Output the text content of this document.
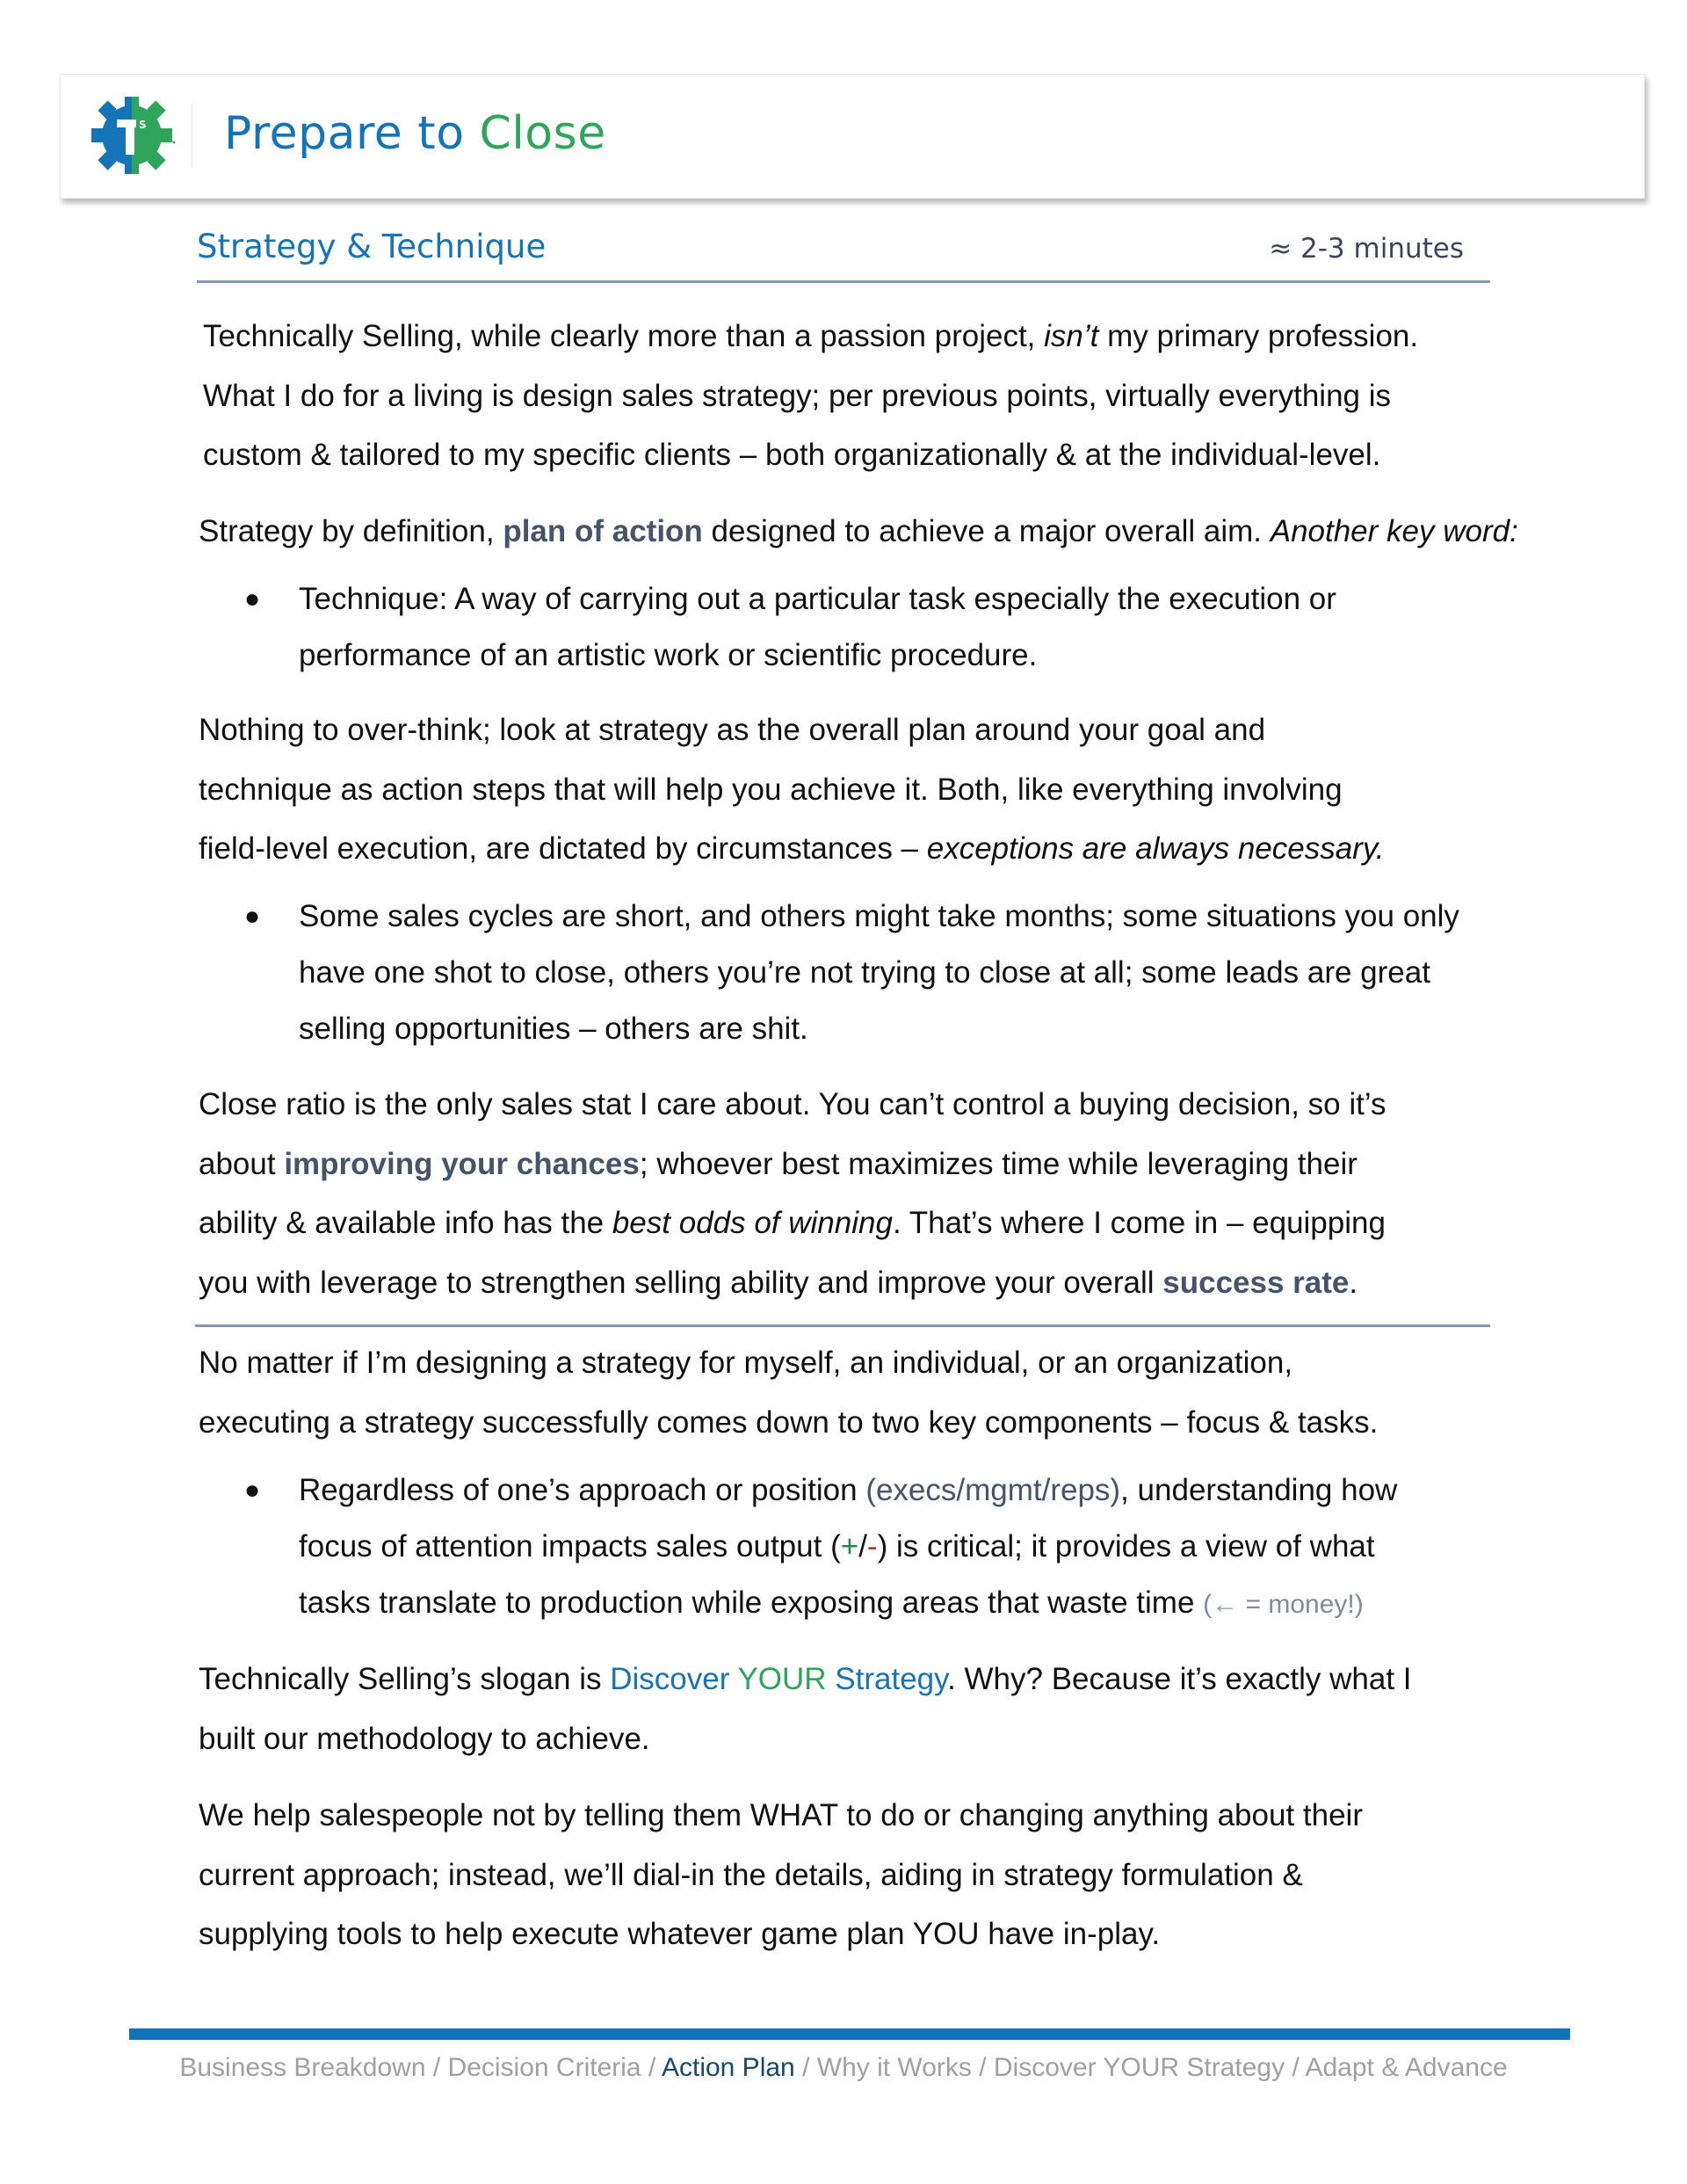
S Prepare to Close
Strategy & Technique	≈ 2-3 minutes
Technically Selling, while clearly more than a passion project, isn’t my primary profession.
What I do for a living is design sales strategy; per previous points, virtually everything is
custom & tailored to my specific clients – both organizationally & at the individual-level.
Strategy by definition, plan of action designed to achieve a major overall aim. Another key word:
● Technique: A way of carrying out a particular task especially the execution or
performance of an artistic work or scientific procedure.
Nothing to over-think; look at strategy as the overall plan around your goal and
technique as action steps that will help you achieve it. Both, like everything involving
field-level execution, are dictated by circumstances – exceptions are always necessary.
● Some sales cycles are short, and others might take months; some situations you only
have one shot to close, others you’re not trying to close at all; some leads are great
selling opportunities – others are shit.
Close ratio is the only sales stat I care about. You can’t control a buying decision, so it’s
about improving your chances; whoever best maximizes time while leveraging their
ability & available info has the best odds of winning. That’s where I come in – equipping
you with leverage to strengthen selling ability and improve your overall success rate.
No matter if I’m designing a strategy for myself, an individual, or an organization,
executing a strategy successfully comes down to two key components – focus & tasks.
● Regardless of one’s approach or position (execs/mgmt/reps), understanding how
focus of attention impacts sales output (+/-) is critical; it provides a view of what
tasks translate to production while exposing areas that waste time (← = money!)
Technically Selling’s slogan is Discover YOUR Strategy. Why? Because it’s exactly what I
built our methodology to achieve.
We help salespeople not by telling them WHAT to do or changing anything about their
current approach; instead, we’ll dial-in the details, aiding in strategy formulation &
supplying tools to help execute whatever game plan YOU have in-play.
Business Breakdown / Decision Criteria / Action Plan / Why it Works / Discover YOUR Strategy / Adapt & Advance
